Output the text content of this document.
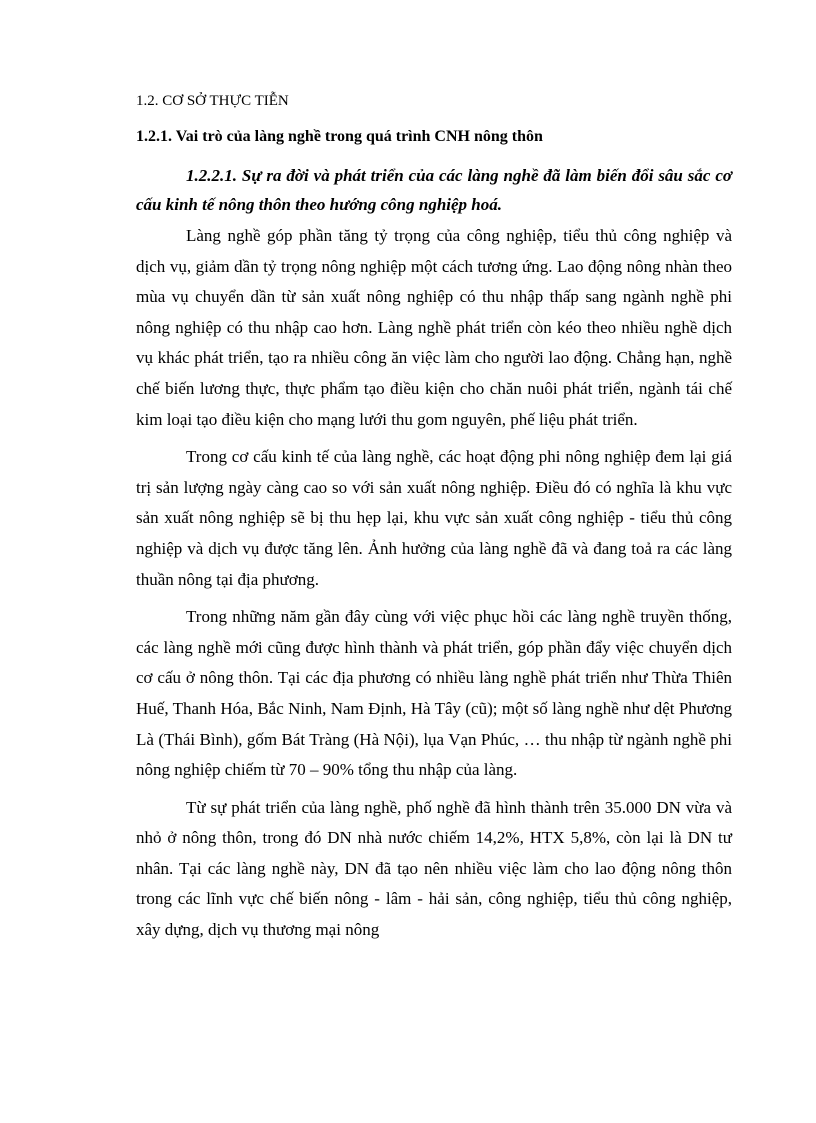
1.2. CƠ SỞ THỰC TIỄN

1.2.1. Vai trò của làng nghề trong quá trình CNH nông thôn

1.2.2.1. Sự ra đời và phát triển của các làng nghề đã làm biến đổi sâu sắc cơ cấu kinh tế nông thôn theo hướng công nghiệp hoá.

Làng nghề góp phần tăng tỷ trọng của công nghiệp, tiểu thủ công nghiệp và dịch vụ, giảm dần tỷ trọng nông nghiệp một cách tương ứng. Lao động nông nhàn theo mùa vụ chuyển dần từ sản xuất nông nghiệp có thu nhập thấp sang ngành nghề phi nông nghiệp có thu nhập cao hơn. Làng nghề phát triển còn kéo theo nhiều nghề dịch vụ khác phát triển, tạo ra nhiều công ăn việc làm cho người lao động. Chẳng hạn, nghề chế biến lương thực, thực phẩm tạo điều kiện cho chăn nuôi phát triển, ngành tái chế kim loại tạo điều kiện cho mạng lưới thu gom nguyên, phế liệu phát triển.

Trong cơ cấu kinh tế của làng nghề, các hoạt động phi nông nghiệp đem lại giá trị sản lượng ngày càng cao so với sản xuất nông nghiệp. Điều đó có nghĩa là khu vực sản xuất nông nghiệp sẽ bị thu hẹp lại, khu vực sản xuất công nghiệp - tiểu thủ công nghiệp và dịch vụ được tăng lên. Ảnh hưởng của làng nghề đã và đang toả ra các làng thuần nông tại địa phương.

Trong những năm gần đây cùng với việc phục hồi các làng nghề truyền thống, các làng nghề mới cũng được hình thành và phát triển, góp phần đẩy việc chuyển dịch cơ cấu ở nông thôn. Tại các địa phương có nhiều làng nghề phát triển như Thừa Thiên Huế, Thanh Hóa, Bắc Ninh, Nam Định, Hà Tây (cũ); một số làng nghề như dệt Phương Là (Thái Bình), gốm Bát Tràng (Hà Nội), lụa Vạn Phúc, … thu nhập từ ngành nghề phi nông nghiệp chiếm từ 70 – 90% tổng thu nhập của làng.

Từ sự phát triển của làng nghề, phố nghề đã hình thành trên 35.000 DN vừa và nhỏ ở nông thôn, trong đó DN nhà nước chiếm 14,2%, HTX 5,8%, còn lại là DN tư nhân. Tại các làng nghề này, DN đã tạo nên nhiều việc làm cho lao động nông thôn trong các lĩnh vực chế biến nông - lâm - hải sản, công nghiệp, tiểu thủ công nghiệp, xây dựng, dịch vụ thương mại nông
